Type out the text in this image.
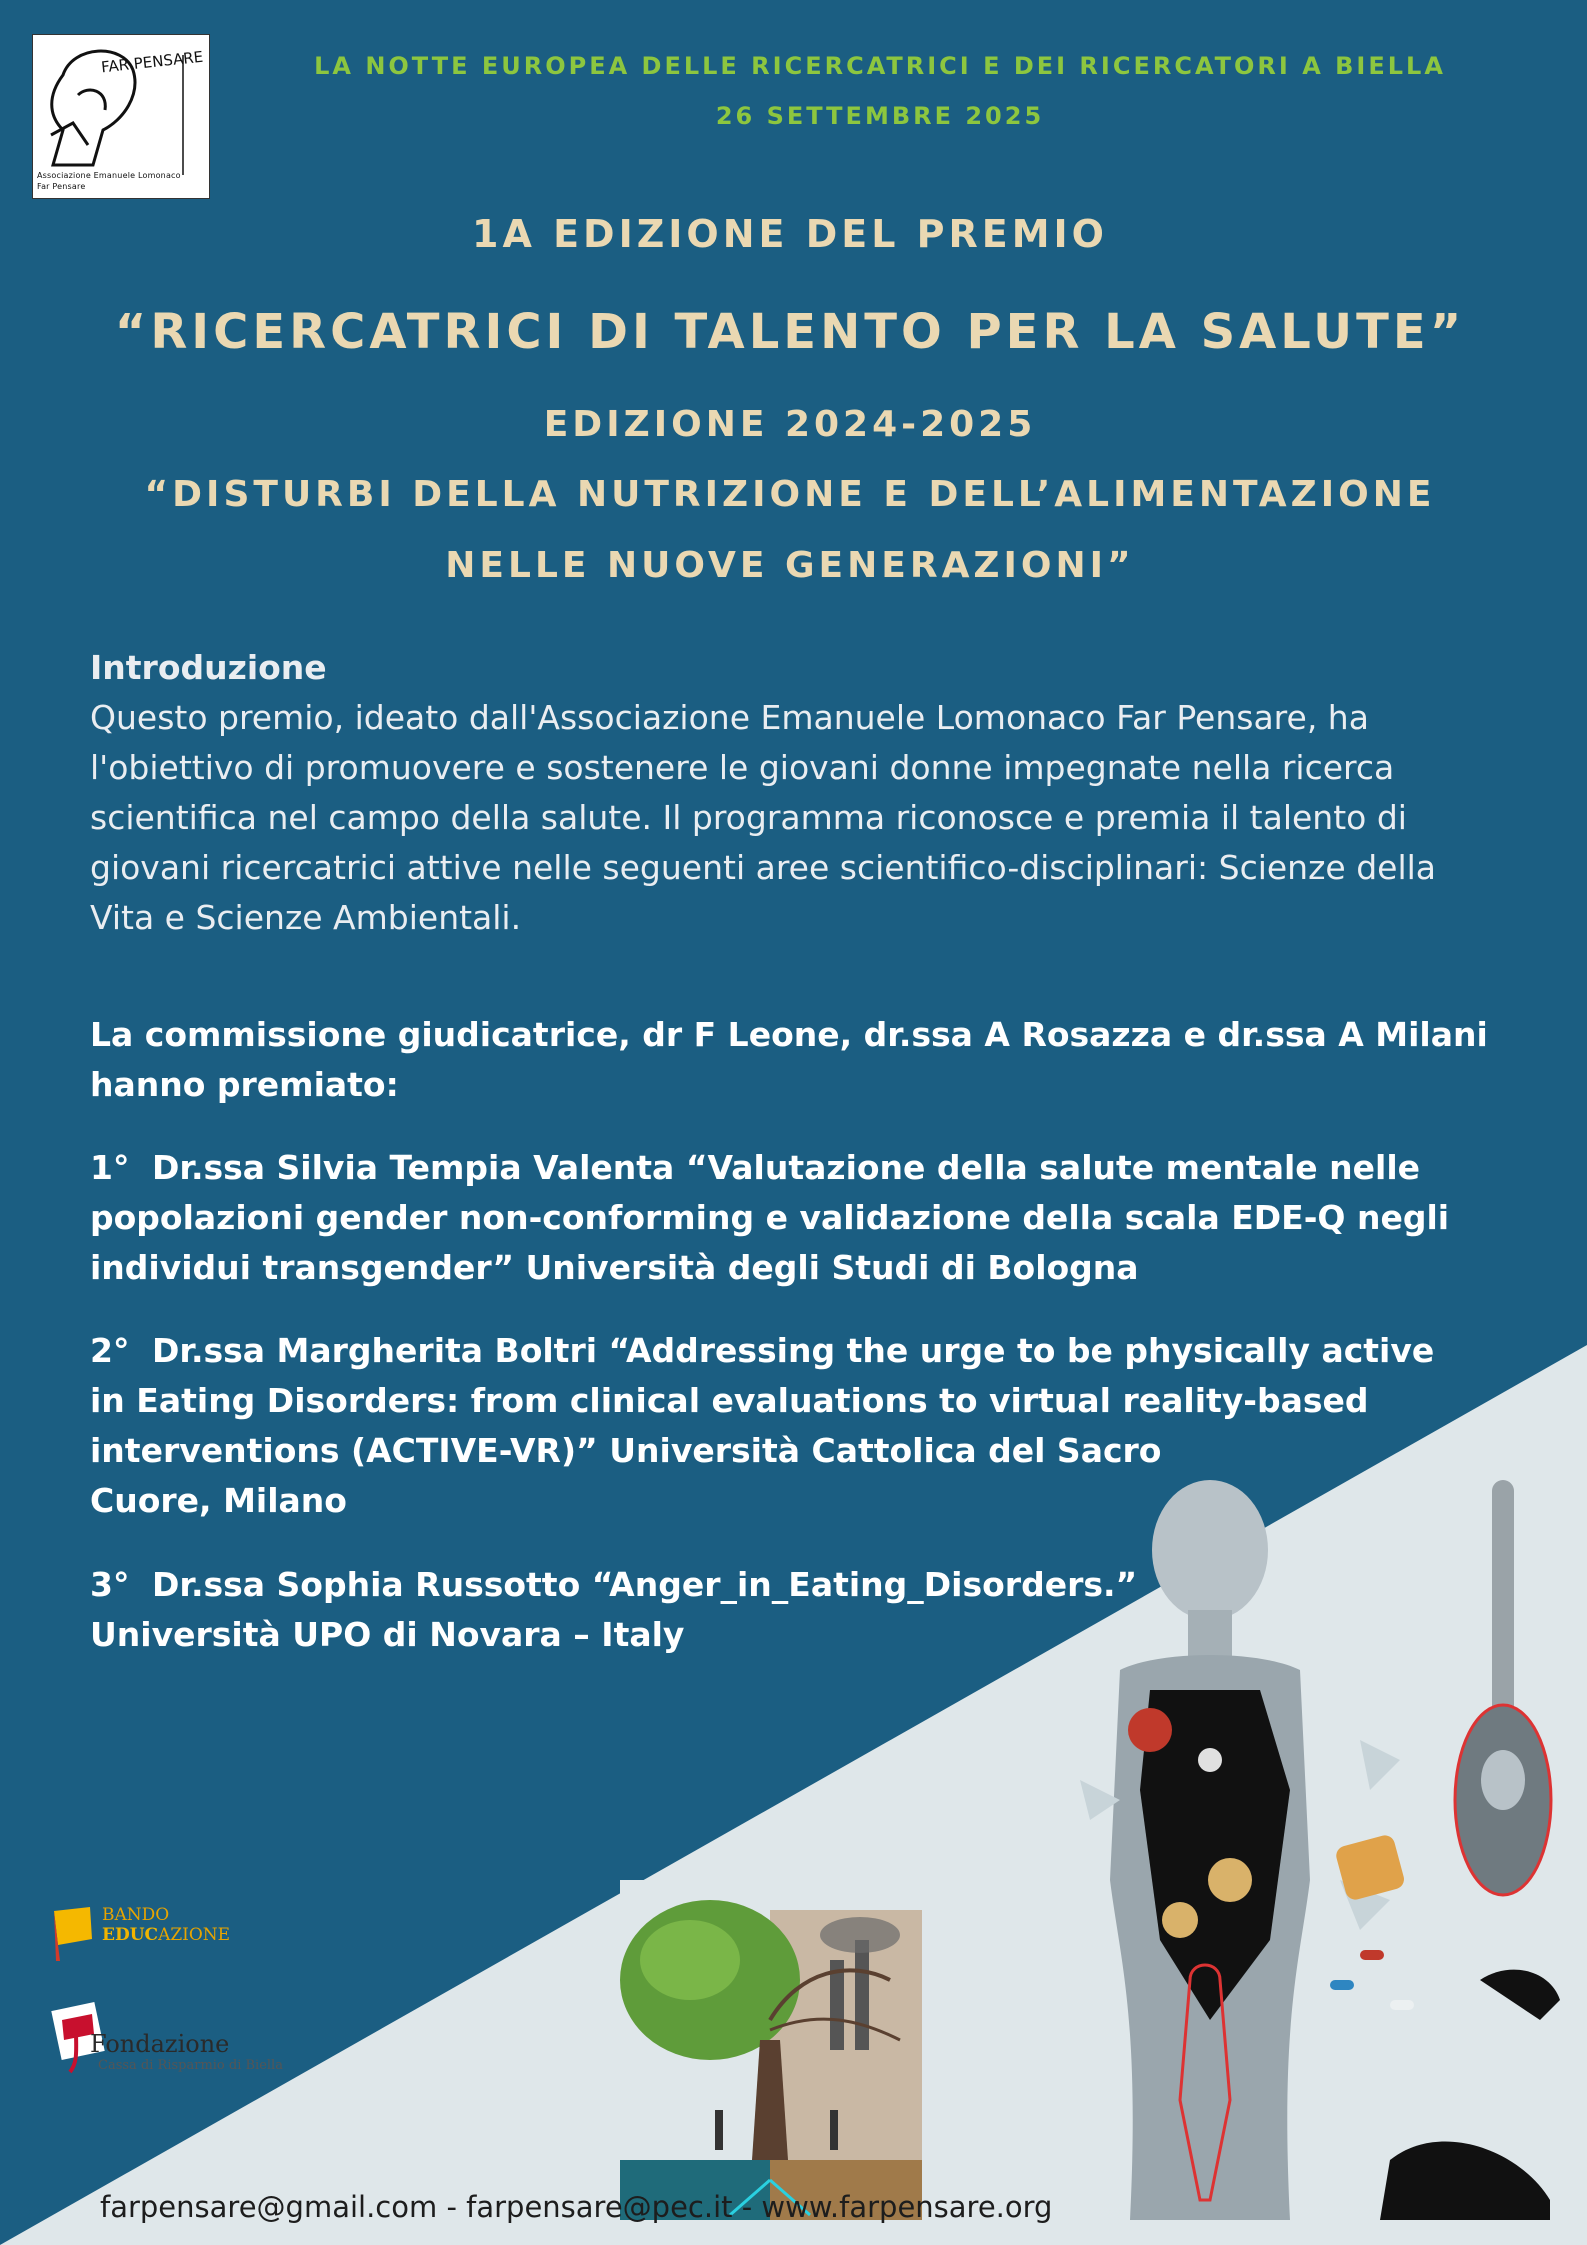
FAR PENSARE
Associazione Emanuele Lomonaco
Far Pensare
LA NOTTE EUROPEA DELLE RICERCATRICI E DEI RICERCATORI A BIELLA
26 SETTEMBRE 2025
1A EDIZIONE DEL PREMIO
“RICERCATRICI DI TALENTO PER LA SALUTE”
EDIZIONE 2024-2025
“DISTURBI DELLA NUTRIZIONE E DELL’ALIMENTAZIONE
NELLE NUOVE GENERAZIONI”

Introduzione

Questo premio, ideato dall'Associazione Emanuele Lomonaco Far Pensare, ha

l'obiettivo di promuovere e sostenere le giovani donne impegnate nella ricerca

scientifica nel campo della salute. Il programma riconosce e premia il talento di

giovani ricercatrici attive nelle seguenti aree scientifico-disciplinari: Scienze della

Vita e Scienze Ambientali.

La commissione giudicatrice, dr F Leone, dr.ssa A Rosazza e dr.ssa A Milani

hanno premiato:

1° Dr.ssa Silvia Tempia Valenta “Valutazione della salute mentale nelle

popolazioni gender non-conforming e validazione della scala EDE-Q negli

individui transgender” Università degli Studi di Bologna

2° Dr.ssa Margherita Boltri “Addressing the urge to be physically active

in Eating Disorders: from clinical evaluations to virtual reality-based

interventions (ACTIVE-VR)” Università Cattolica del Sacro

Cuore, Milano

3° Dr.ssa Sophia Russotto “Anger_in_Eating_Disorders.”

Università UPO di Novara – Italy

BANDO
EDUCAZIONE
Fondazione
Cassa di Risparmio di Biella
farpensare@gmail.com - farpensare@pec.it - www.farpensare.org
